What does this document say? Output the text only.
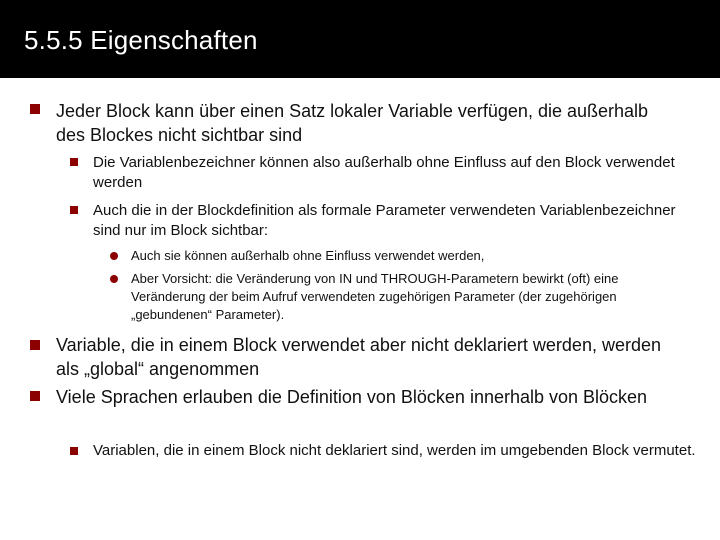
5.5.5 Eigenschaften
Jeder Block kann über einen Satz lokaler Variable verfügen, die außerhalb des Blockes nicht sichtbar sind
Die Variablenbezeichner können also außerhalb ohne Einfluss auf den Block verwendet werden
Auch die in der Blockdefinition als formale Parameter verwendeten Variablenbezeichner sind nur im Block sichtbar:
Auch sie können außerhalb ohne Einfluss verwendet werden,
Aber Vorsicht: die Veränderung von IN und THROUGH-Parametern bewirkt (oft) eine Veränderung der beim Aufruf verwendeten zugehörigen Parameter (der zugehörigen „gebundenen“ Parameter).
Variable, die in einem Block verwendet aber nicht deklariert werden, werden als „global“ angenommen
Viele Sprachen erlauben die Definition von Blöcken innerhalb von Blöcken
Variablen, die in einem Block nicht deklariert sind, werden im umgebenden Block vermutet.
